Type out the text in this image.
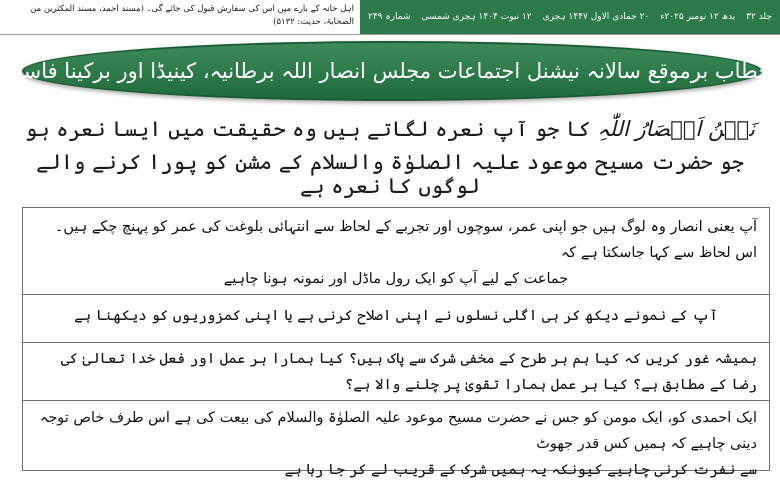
اہل خانہ کے بارے میں اس کی سفارش قبول کی جائے گی۔ (مسند احمد، مسند المکثرین من الصحابۃ، حدیث: ۵۱۳۲)	جلد ۳۲
بدھ ۱۲ نومبر ۲۰۲۵ء
۲۰ جمادی الاول ۱۴۴۷ ہجری
۱۲ نبوت ۱۴۰۴ ہجری شمسی
شمارہ ۲۴۹
خطاب برموقع سالانہ نیشنل اجتماعات مجلس انصار اللہ برطانیہ، کینیڈا اور برکینا فاسو
نَحۡنُ اَنۡصَارُ اللّٰہِ کا جو آپ نعرہ لگاتے ہیں وہ حقیقت میں ایسا نعرہ ہو
جو حضرت مسیح موعود علیہ الصلوٰۃ والسلام کے مشن کو پورا کرنے والے لوگوں کا نعرہ ہے
آپ یعنی انصار وہ لوگ ہیں جو اپنی عمر، سوچوں اور تجربے کے لحاظ سے انتہائی بلوغت کی عمر کو پہنچ چکے ہیں۔ اس لحاظ سے کہا جاسکتا ہے کہ
جماعت کے لیے آپ کو ایک رول ماڈل اور نمونہ ہونا چاہیے
آپ کے نمونے دیکھ کر ہی اگلی نسلوں نے اپنی اصلاح کرنی ہے یا اپنی کمزوریوں کو دیکھنا ہے
ہمیشہ غور کریں کہ کیا ہم ہر طرح کے مخفی شرک سے پاک ہیں؟ کیا ہمارا ہر عمل اور فعل خدا تعالیٰ کی رضا کے مطابق ہے؟ کیا ہر عمل ہمارا تقویٰ پر چلنے والا ہے؟
ایک احمدی کو، ایک مومن کو جس نے حضرت مسیح موعود علیہ الصلوٰۃ والسلام کی بیعت کی ہے اس طرف خاص توجہ دینی چاہیے کہ ہمیں کس قدر جھوٹ
سے نفرت کرنی چاہیے کیونکہ یہ ہمیں شرک کے قریب لے کر جا رہا ہے
